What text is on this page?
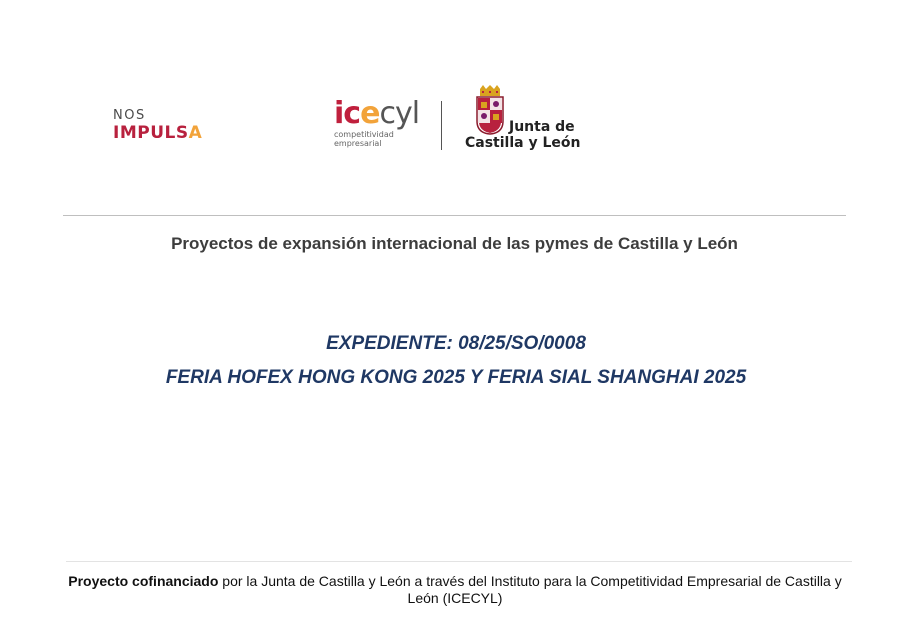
NOS
IMPULSA
icecyl
competitividad
empresarial
Junta de
Castilla y León
Proyectos de expansión internacional de las pymes de Castilla y León
EXPEDIENTE: 08/25/SO/0008
FERIA HOFEX HONG KONG 2025 Y FERIA SIAL SHANGHAI 2025
Proyecto cofinanciado por la Junta de Castilla y León a través del Instituto para la Competitividad Empresarial de Castilla y León (ICECYL)
